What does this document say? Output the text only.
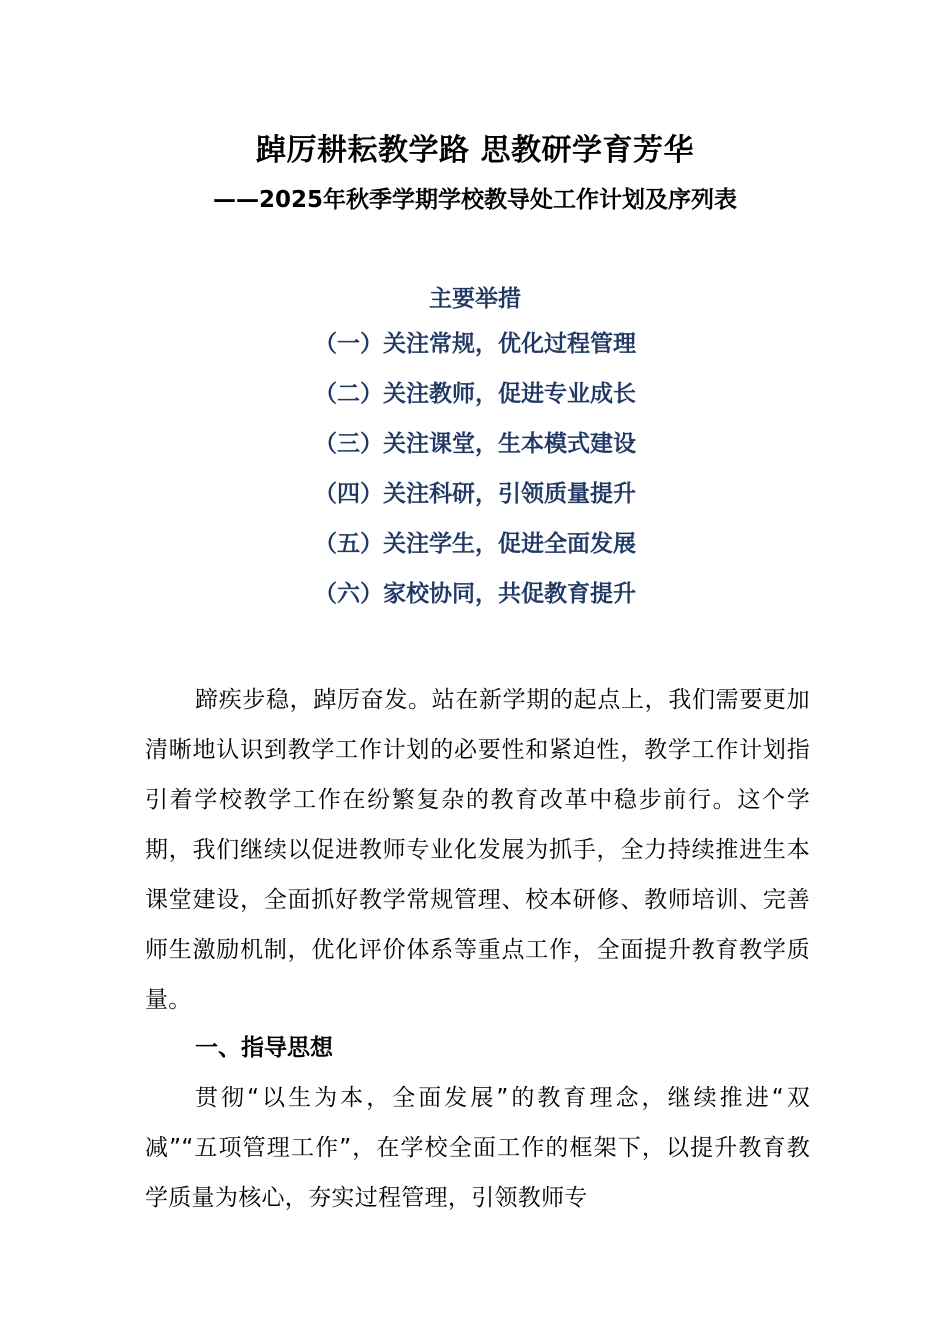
踔厉耕耘教学路 思教研学育芳华
——2025年秋季学期学校教导处工作计划及序列表
主要举措
（一）关注常规，优化过程管理
（二）关注教师，促进专业成长
（三）关注课堂，生本模式建设
（四）关注科研，引领质量提升
（五）关注学生，促进全面发展
（六）家校协同，共促教育提升

蹄疾步稳，踔厉奋发。站在新学期的起点上，我们需要更加清晰地认识到教学工作计划的必要性和紧迫性，教学工作计划指引着学校教学工作在纷繁复杂的教育改革中稳步前行。这个学期，我们继续以促进教师专业化发展为抓手，全力持续推进生本课堂建设，全面抓好教学常规管理、校本研修、教师培训、完善师生激励机制，优化评价体系等重点工作，全面提升教育教学质量。

一、指导思想

贯彻“以生为本，全面发展”的教育理念，继续推进“双减”“五项管理工作”，在学校全面工作的框架下，以提升教育教学质量为核心，夯实过程管理，引领教师专
